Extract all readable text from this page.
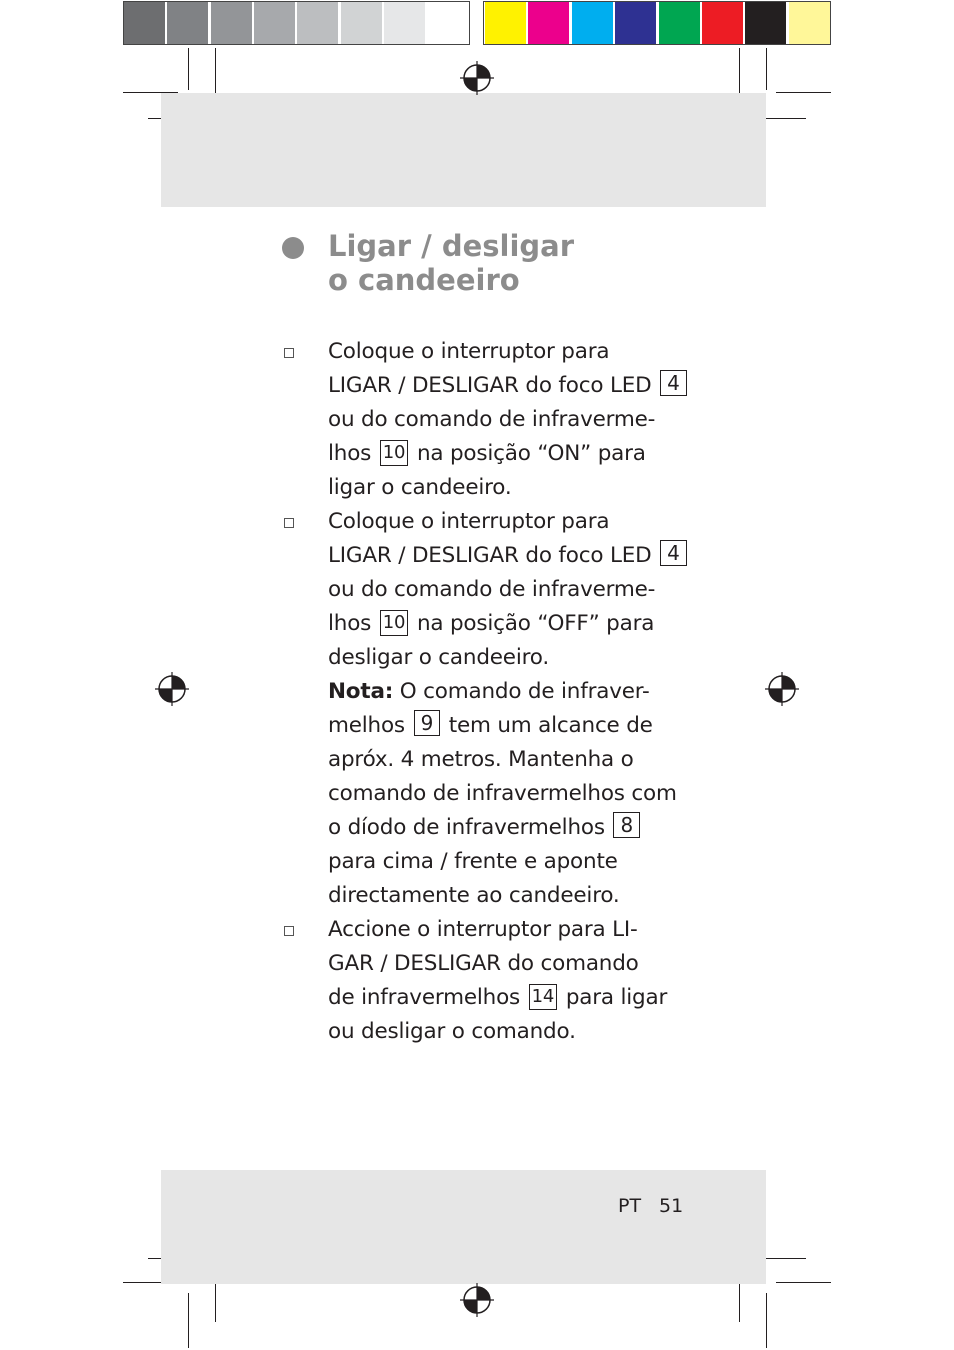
Ligar / desligar
o candeeiro
Coloque o interruptor para
LIGAR / DESLIGAR do foco LED 4
ou do comando de infraverme-
lhos 10 na posição “ON” para
ligar o candeeiro.
Coloque o interruptor para
LIGAR / DESLIGAR do foco LED 4
ou do comando de infraverme-
lhos 10 na posição “OFF” para
desligar o candeeiro.
Nota: O comando de infraver-
melhos 9 tem um alcance de
apróx. 4 metros. Mantenha o
comando de infravermelhos com
o díodo de infravermelhos 8
para cima / frente e aponte
directamente ao candeeiro.
Accione o interruptor para LI-
GAR / DESLIGAR do comando
de infravermelhos 14 para ligar
ou desligar o comando.
PT 51
